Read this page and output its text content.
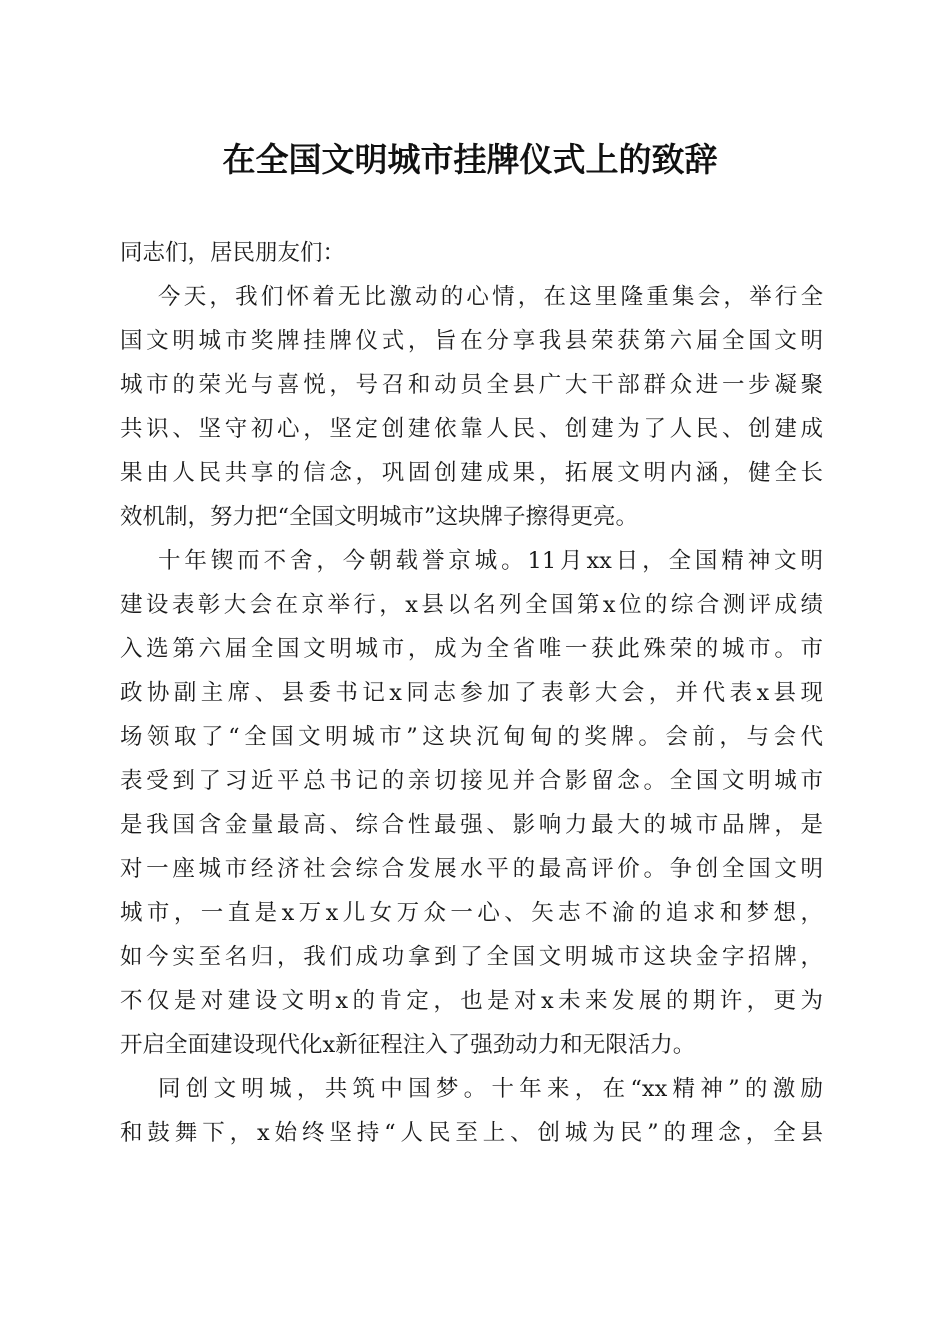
在全国文明城市挂牌仪式上的致辞
同志们，居民朋友们：

今天，我们怀着无比激动的心情，在这里隆重集会，举行全
国文明城市奖牌挂牌仪式，旨在分享我县荣获第六届全国文明
城市的荣光与喜悦，号召和动员全县广大干部群众进一步凝聚
共识、坚守初心，坚定创建依靠人民、创建为了人民、创建成
果由人民共享的信念，巩固创建成果，拓展文明内涵，健全长
效机制，努力把“全国文明城市”这块牌子擦得更亮。

十年锲而不舍，今朝载誉京城。11月xx日，全国精神文明
建设表彰大会在京举行，x县以名列全国第x位的综合测评成绩
入选第六届全国文明城市，成为全省唯一获此殊荣的城市。市
政协副主席、县委书记x同志参加了表彰大会，并代表x县现
场领取了“全国文明城市”这块沉甸甸的奖牌。会前，与会代
表受到了习近平总书记的亲切接见并合影留念。全国文明城市
是我国含金量最高、综合性最强、影响力最大的城市品牌，是
对一座城市经济社会综合发展水平的最高评价。争创全国文明
城市，一直是x万x儿女万众一心、矢志不渝的追求和梦想，
如今实至名归，我们成功拿到了全国文明城市这块金字招牌，
不仅是对建设文明x的肯定，也是对x未来发展的期许，更为
开启全面建设现代化x新征程注入了强劲动力和无限活力。

同创文明城，共筑中国梦。十年来，在“xx精神”的激励
和鼓舞下，x始终坚持“人民至上、创城为民”的理念，全县
